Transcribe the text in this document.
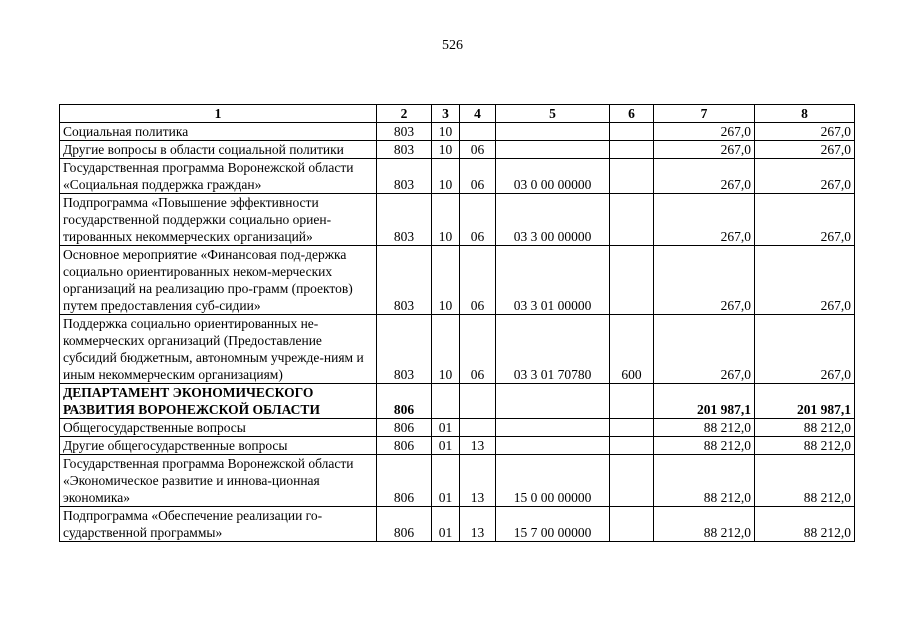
526
1	2	3	4	5	6	7	8
Социальная политика	803	10				267,0	267,0
Другие вопросы в области социальной политики	803	10	06			267,0	267,0
Государственная программа Воронежской области «Социальная поддержка граждан»	803	10	06	03 0 00 00000		267,0	267,0
Подпрограмма «Повышение эффективности государственной поддержки социально ориен-тированных некоммерческих организаций»	803	10	06	03 3 00 00000		267,0	267,0
Основное мероприятие «Финансовая под-держка социально ориентированных неком-мерческих организаций на реализацию про-грамм (проектов) путем предоставления суб-сидии»	803	10	06	03 3 01 00000		267,0	267,0
Поддержка социально ориентированных не-коммерческих организаций (Предоставление субсидий бюджетным, автономным учрежде-ниям и иным некоммерческим организациям)	803	10	06	03 3 01 70780	600	267,0	267,0
ДЕПАРТАМЕНТ ЭКОНОМИЧЕСКОГО РАЗВИТИЯ ВОРОНЕЖСКОЙ ОБЛАСТИ	806					201 987,1	201 987,1
Общегосударственные вопросы	806	01				88 212,0	88 212,0
Другие общегосударственные вопросы	806	01	13			88 212,0	88 212,0
Государственная программа Воронежской области «Экономическое развитие и иннова-ционная экономика»	806	01	13	15 0 00 00000		88 212,0	88 212,0
Подпрограмма «Обеспечение реализации го-сударственной программы»	806	01	13	15 7 00 00000		88 212,0	88 212,0
